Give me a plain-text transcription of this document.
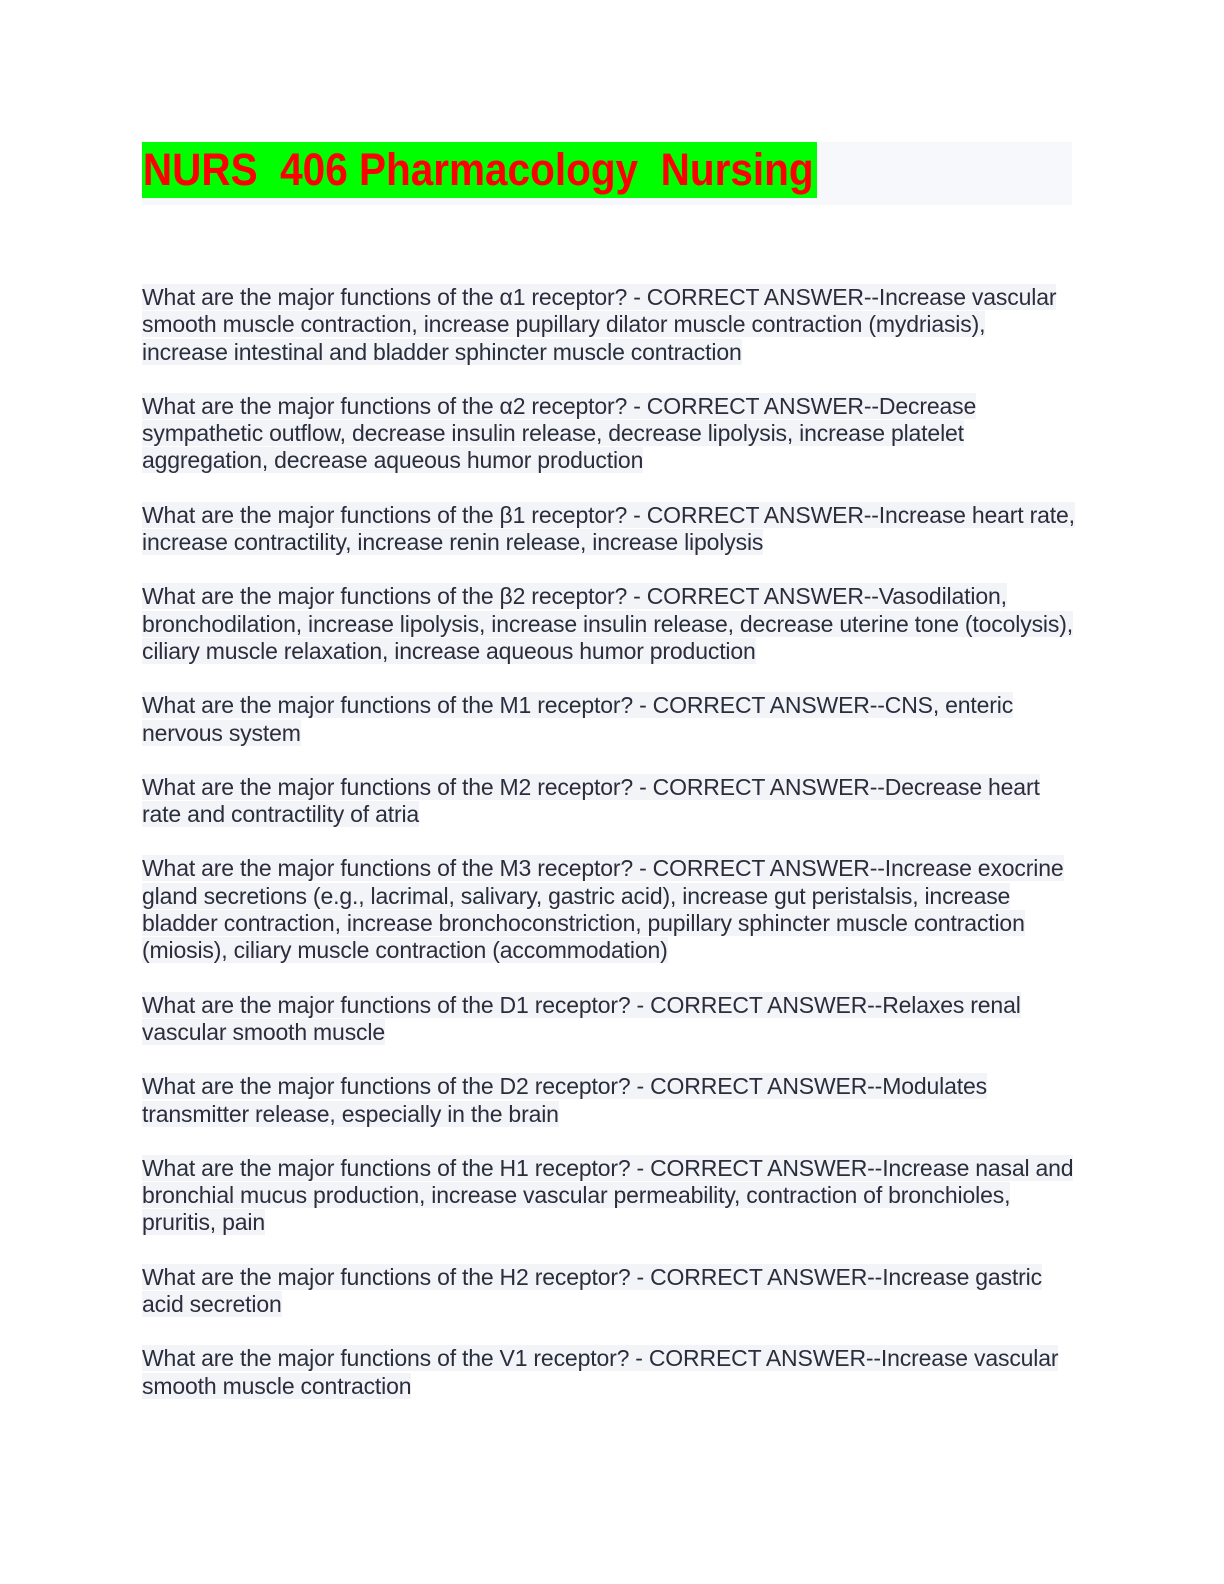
NURS  406 Pharmacology  Nursing
What are the major functions of the α1 receptor? - CORRECT ANSWER--Increase vascular smooth muscle contraction, increase pupillary dilator muscle contraction (mydriasis), increase intestinal and bladder sphincter muscle contraction
What are the major functions of the α2 receptor? - CORRECT ANSWER--Decrease sympathetic outflow, decrease insulin release, decrease lipolysis, increase platelet aggregation, decrease aqueous humor production
What are the major functions of the β1 receptor? - CORRECT ANSWER--Increase heart rate, increase contractility, increase renin release, increase lipolysis
What are the major functions of the β2 receptor? - CORRECT ANSWER--Vasodilation, bronchodilation, increase lipolysis, increase insulin release, decrease uterine tone (tocolysis), ciliary muscle relaxation, increase aqueous humor production
What are the major functions of the M1 receptor? - CORRECT ANSWER--CNS, enteric nervous system
What are the major functions of the M2 receptor? - CORRECT ANSWER--Decrease heart rate and contractility of atria
What are the major functions of the M3 receptor? - CORRECT ANSWER--Increase exocrine gland secretions (e.g., lacrimal, salivary, gastric acid), increase gut peristalsis, increase bladder contraction, increase bronchoconstriction, pupillary sphincter muscle contraction (miosis), ciliary muscle contraction (accommodation)
What are the major functions of the D1 receptor? - CORRECT ANSWER--Relaxes renal vascular smooth muscle
What are the major functions of the D2 receptor? - CORRECT ANSWER--Modulates transmitter release, especially in the brain
What are the major functions of the H1 receptor? - CORRECT ANSWER--Increase nasal and bronchial mucus production, increase vascular permeability, contraction of bronchioles, pruritis, pain
What are the major functions of the H2 receptor? - CORRECT ANSWER--Increase gastric acid secretion
What are the major functions of the V1 receptor? - CORRECT ANSWER--Increase vascular smooth muscle contraction
